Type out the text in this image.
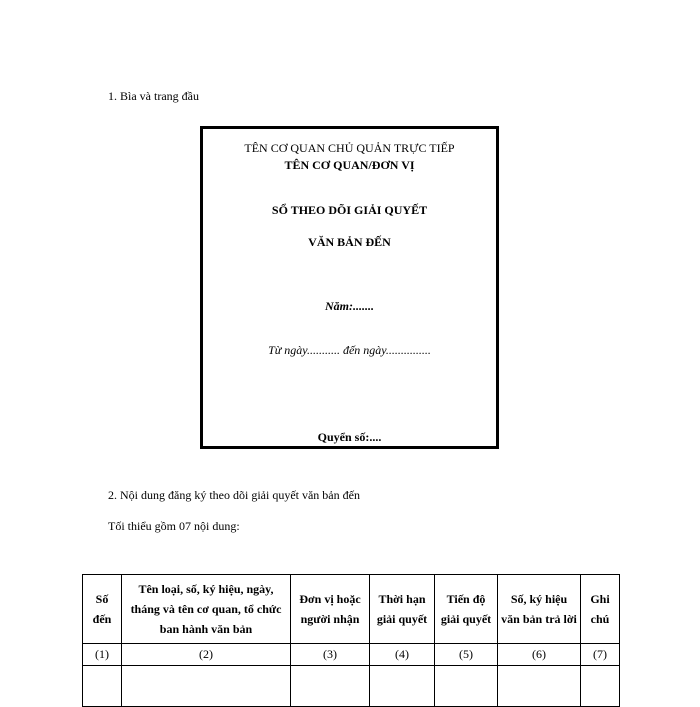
1. Bìa và trang đầu
TÊN CƠ QUAN CHỦ QUẢN TRỰC TIẾP
TÊN CƠ QUAN/ĐƠN VỊ
SỔ THEO DÕI GIẢI QUYẾT
VĂN BẢN ĐẾN
Năm:.......
Từ ngày........... đến ngày...............
Quyển số:....
2. Nội dung đăng ký theo dõi giải quyết văn bản đến
Tối thiểu gồm 07 nội dung:
Số đến	Tên loại, số, ký hiệu, ngày, tháng và tên cơ quan, tổ chức ban hành văn bản	Đơn vị hoặc người nhận	Thời hạn giải quyết	Tiến độ giải quyết	Số, ký hiệu văn bản trả lời	Ghi chú
(1)	(2)	(3)	(4)	(5)	(6)	(7)
